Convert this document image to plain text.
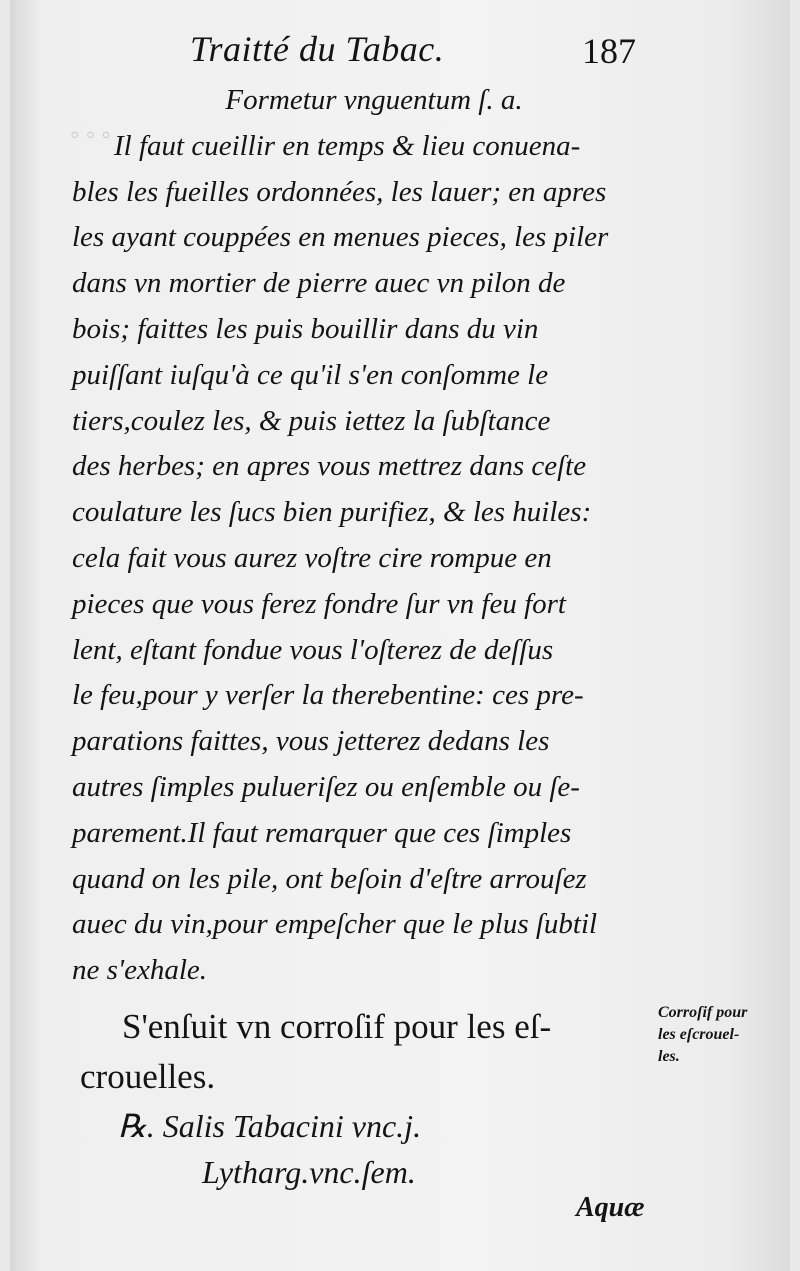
◦ ◦ ◦
Traitté du Tabac.	187
Formetur vnguentum ſ. a.
Il faut cueillir en temps & lieu conuena-
bles les fueilles ordonnées, les lauer; en apres
les ayant couppées en menues pieces, les piler
dans vn mortier de pierre auec vn pilon de
bois; faittes les puis bouillir dans du vin
puiſſant iuſqu'à ce qu'il s'en conſomme le
tiers,coulez les, & puis iettez la ſubſtance
des herbes; en apres vous mettrez dans ceſte
coulature les ſucs bien purifiez, & les huiles:
cela fait vous aurez voſtre cire rompue en
pieces que vous ferez fondre ſur vn feu fort
lent, eſtant fondue vous l'oſterez de deſſus
le feu,pour y verſer la therebentine: ces pre-
parations faittes, vous jetterez dedans les
autres ſimples pulueriſez ou enſemble ou ſe-
parement.Il faut remarquer que ces ſimples
quand on les pile, ont beſoin d'eſtre arrouſez
auec du vin,pour empeſcher que le plus ſubtil
ne s'exhale.
S'enſuit vn corroſif pour les eſ-
crouelles.
Corroſif pour
les eſcrouel-
les.
℞. Salis Tabacini vnc.j.
Lytharg.vnc.ſem.
Aquæ
